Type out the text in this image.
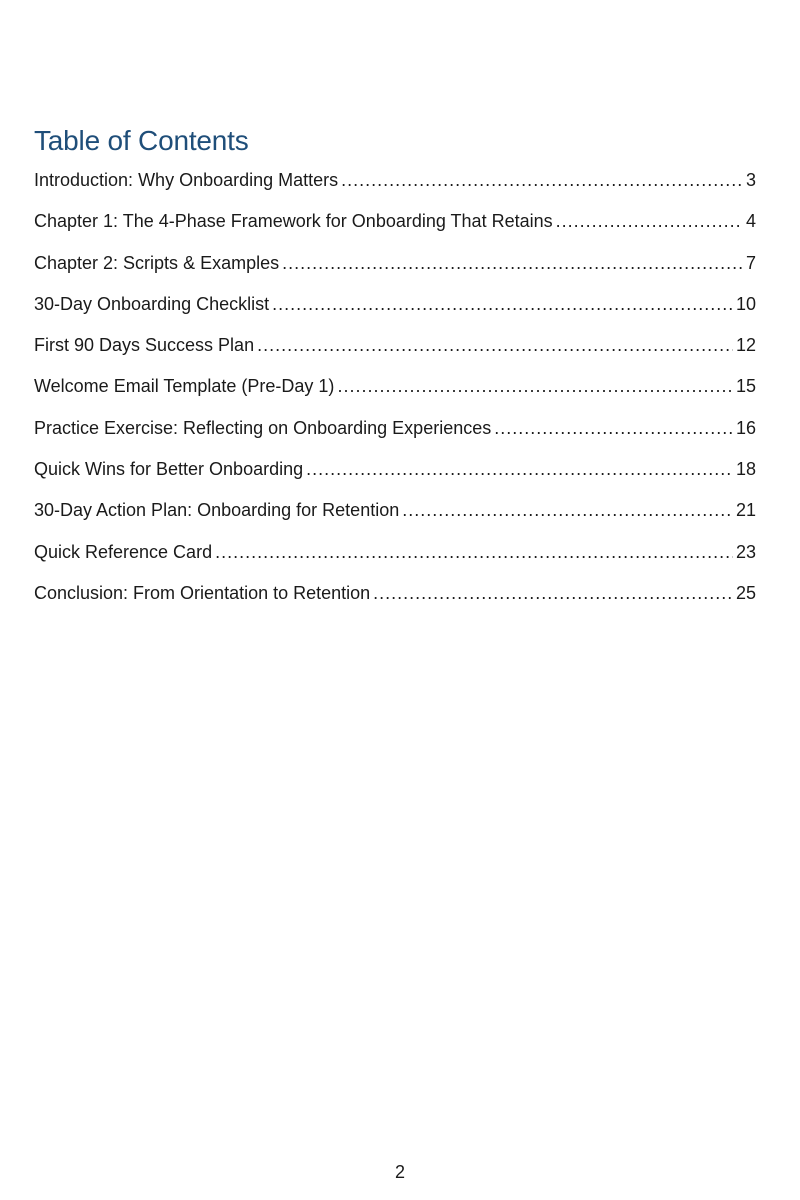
Table of Contents
Introduction: Why Onboarding Matters .....	3
Chapter 1: The 4-Phase Framework for Onboarding That Retains .....	4
Chapter 2: Scripts & Examples .....	7
30-Day Onboarding Checklist .....	10
First 90 Days Success Plan .....	12
Welcome Email Template (Pre-Day 1) .....	15
Practice Exercise: Reflecting on Onboarding Experiences .....	16
Quick Wins for Better Onboarding .....	18
30-Day Action Plan: Onboarding for Retention .....	21
Quick Reference Card .....	23
Conclusion: From Orientation to Retention .....	25
2
